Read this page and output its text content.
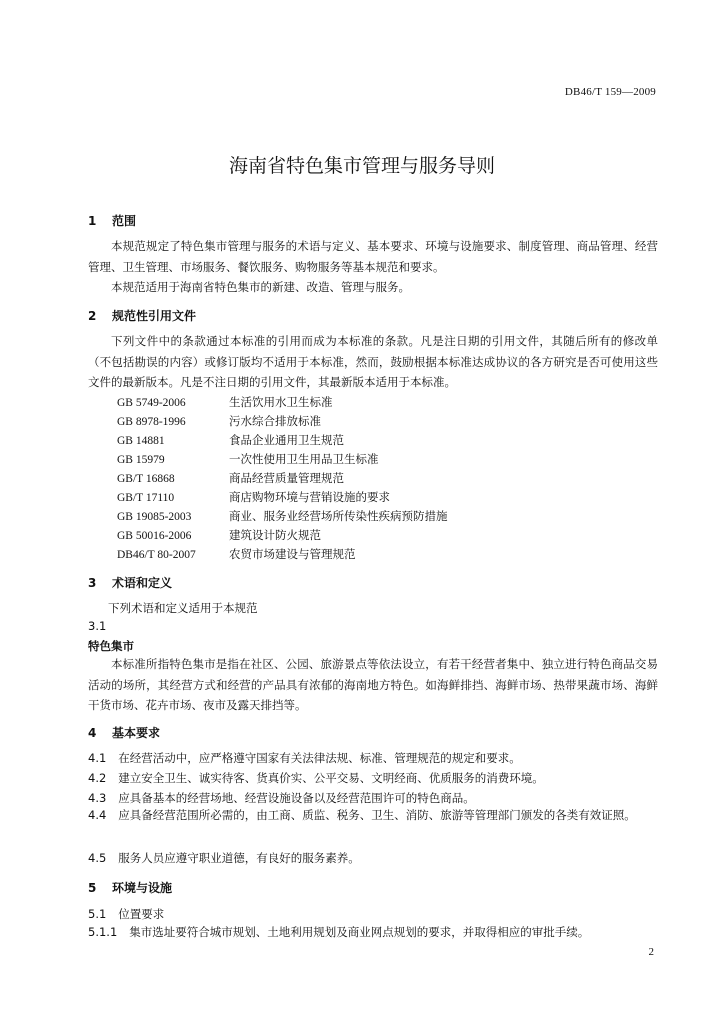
DB46/T 159—2009
海南省特色集市管理与服务导则
1 范围

本规范规定了特色集市管理与服务的术语与定义、基本要求、环境与设施要求、制度管理、商品管理、经营管理、卫生管理、市场服务、餐饮服务、购物服务等基本规范和要求。

本规范适用于海南省特色集市的新建、改造、管理与服务。

2 规范性引用文件

下列文件中的条款通过本标准的引用而成为本标准的条款。凡是注日期的引用文件，其随后所有的修改单（不包括勘误的内容）或修订版均不适用于本标准，然而，鼓励根据本标准达成协议的各方研究是否可使用这些文件的最新版本。凡是不注日期的引用文件，其最新版本适用于本标准。

GB 5749-2006	生活饮用水卫生标准
GB 8978-1996	污水综合排放标准
GB 14881	食品企业通用卫生规范
GB 15979	一次性使用卫生用品卫生标准
GB/T 16868	商品经营质量管理规范
GB/T 17110	商店购物环境与营销设施的要求
GB 19085-2003	商业、服务业经营场所传染性疾病预防措施
GB 50016-2006	建筑设计防火规范
DB46/T 80-2007	农贸市场建设与管理规范
3 术语和定义
下列术语和定义适用于本规范
3.1
特色集市

本标准所指特色集市是指在社区、公园、旅游景点等依法设立，有若干经营者集中、独立进行特色商品交易活动的场所，其经营方式和经营的产品具有浓郁的海南地方特色。如海鲜排挡、海鲜市场、热带果蔬市场、海鲜干货市场、花卉市场、夜市及露天排挡等。

4 基本要求
4.1 在经营活动中，应严格遵守国家有关法律法规、标准、管理规范的规定和要求。
4.2 建立安全卫生、诚实待客、货真价实、公平交易、文明经商、优质服务的消费环境。
4.3 应具备基本的经营场地、经营设施设备以及经营范围许可的特色商品。

4.4 应具备经营范围所必需的，由工商、质监、税务、卫生、消防、旅游等管理部门颁发的各类有效证照。

4.5 服务人员应遵守职业道德，有良好的服务素养。
5 环境与设施
5.1 位置要求
5.1.1 集市选址要符合城市规划、土地利用规划及商业网点规划的要求，并取得相应的审批手续。
2
